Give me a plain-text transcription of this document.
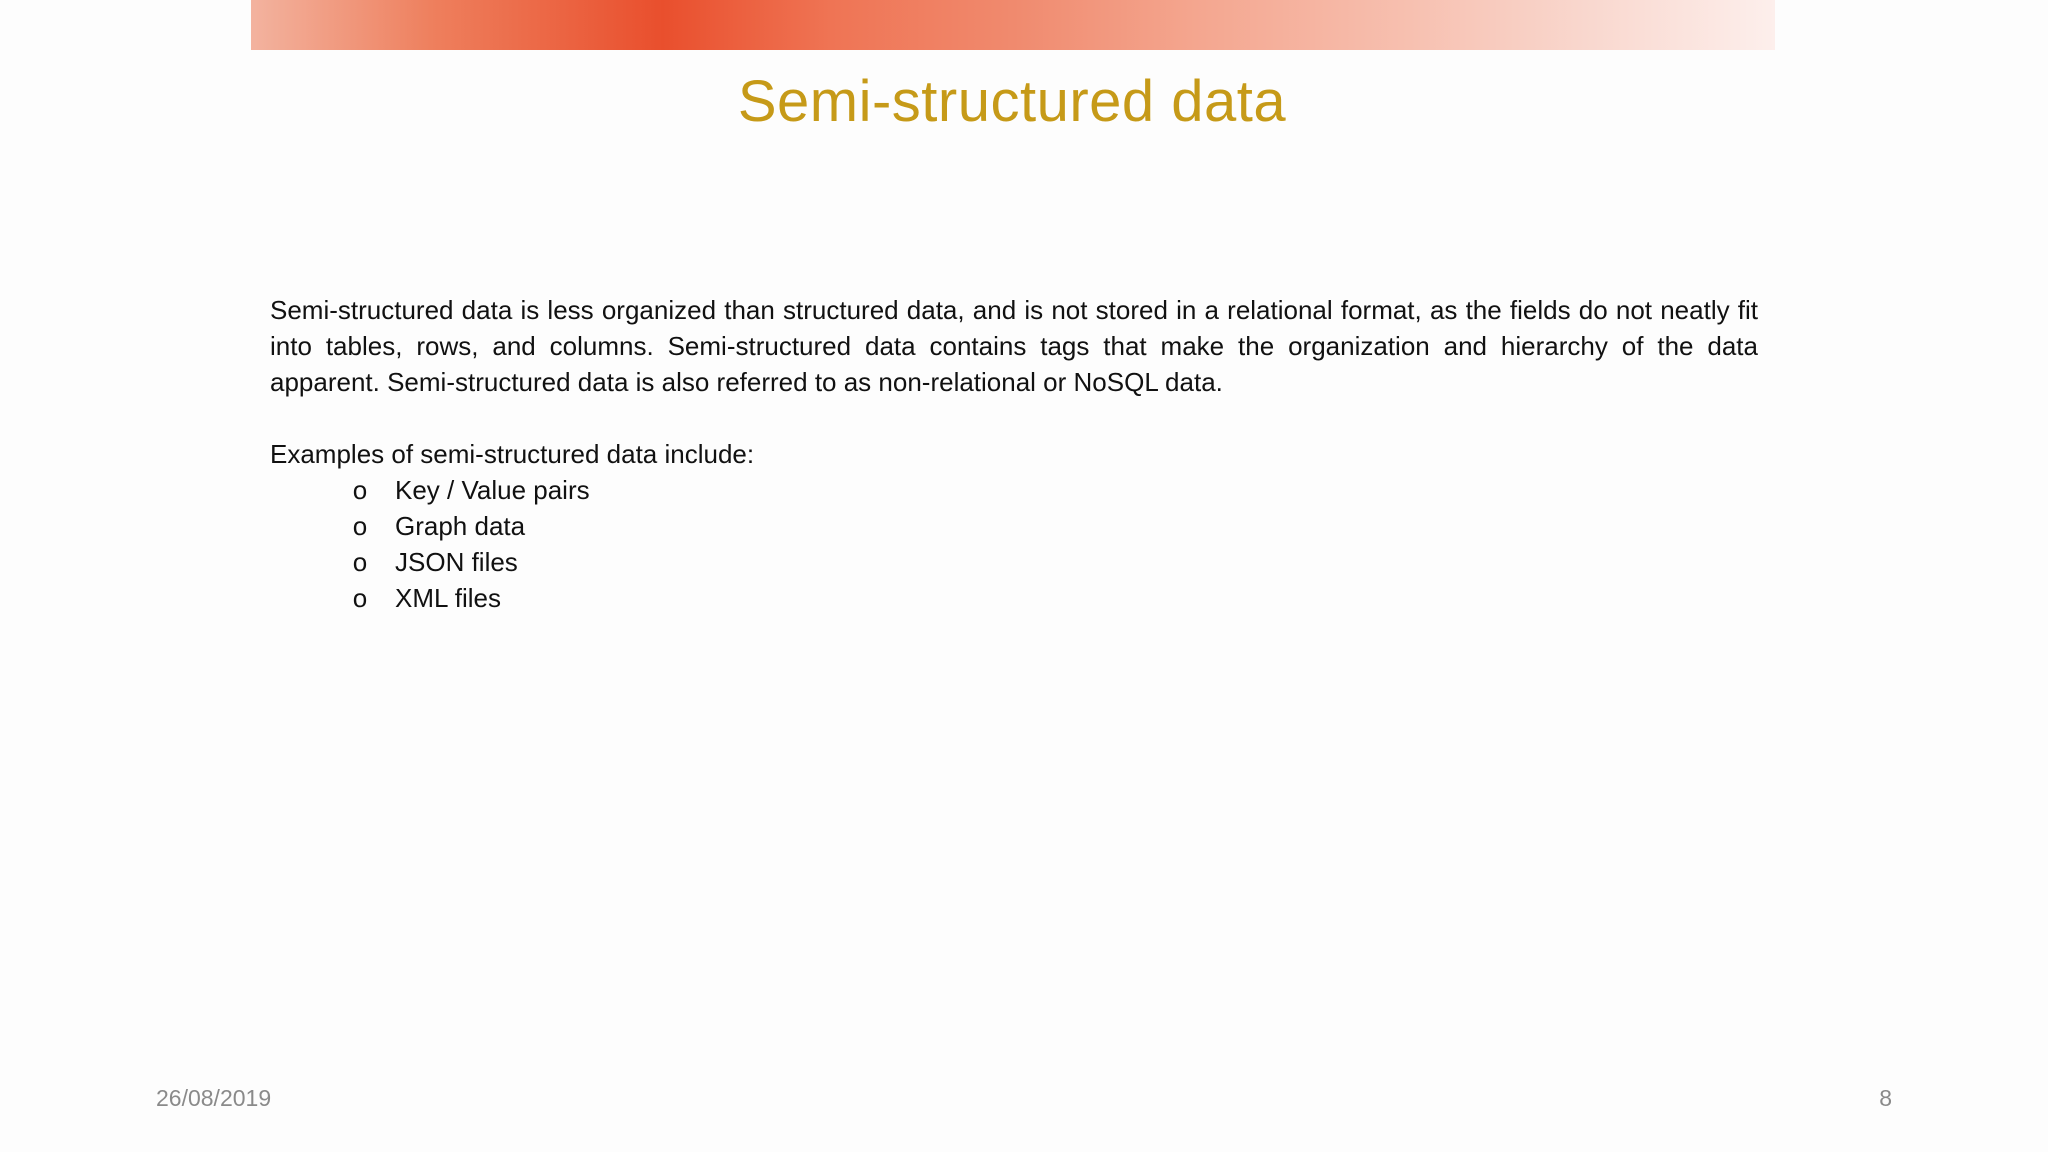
Semi-structured data

Semi-structured data is less organized than structured data, and is not stored in a relational format, as the fields do not neatly fit into tables, rows, and columns. Semi-structured data contains tags that make the organization and hierarchy of the data apparent. Semi-structured data is also referred to as non-relational or NoSQL data.

Examples of semi-structured data include:

o Key / Value pairs
o Graph data
o JSON files
o XML files
26/08/2019	8
